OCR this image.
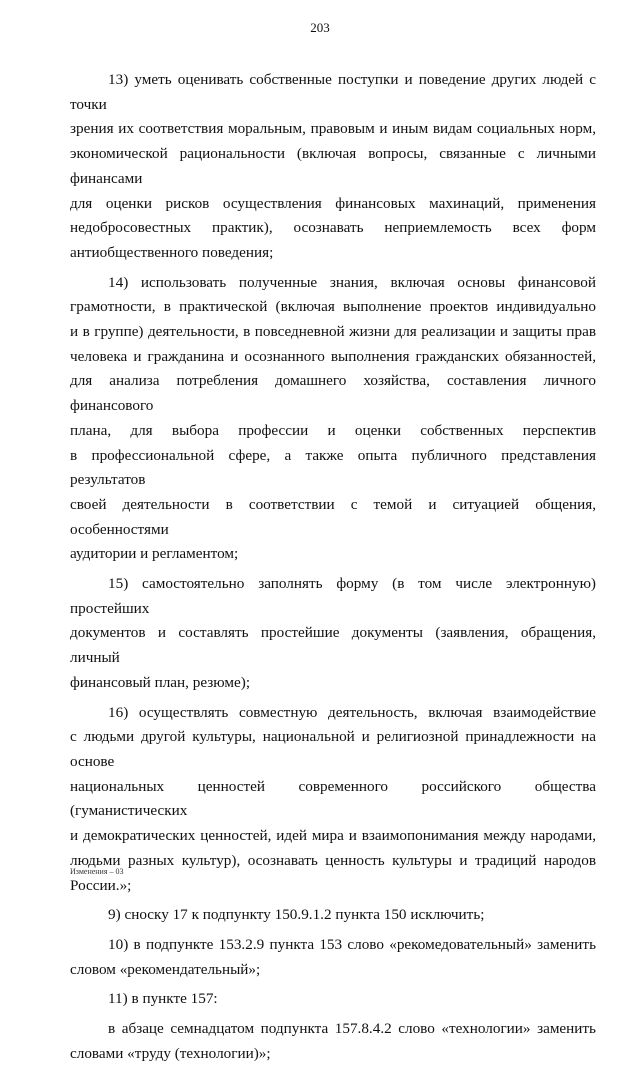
203

13) уметь оценивать собственные поступки и поведение других людей с точки
зрения их соответствия моральным, правовым и иным видам социальных норм,
экономической рациональности (включая вопросы, связанные с личными финансами
для оценки рисков осуществления финансовых махинаций, применения
недобросовестных практик), осознавать неприемлемость всех форм
антиобщественного поведения;

14) использовать полученные знания, включая основы финансовой
грамотности, в практической (включая выполнение проектов индивидуально
и в группе) деятельности, в повседневной жизни для реализации и защиты прав
человека и гражданина и осознанного выполнения гражданских обязанностей,
для анализа потребления домашнего хозяйства, составления личного финансового
плана, для выбора профессии и оценки собственных перспектив
в профессиональной сфере, а также опыта публичного представления результатов
своей деятельности в соответствии с темой и ситуацией общения, особенностями
аудитории и регламентом;

15) самостоятельно заполнять форму (в том числе электронную) простейших
документов и составлять простейшие документы (заявления, обращения, личный
финансовый план, резюме);

16) осуществлять совместную деятельность, включая взаимодействие
с людьми другой культуры, национальной и религиозной принадлежности на основе
национальных ценностей современного российского общества (гуманистических
и демократических ценностей, идей мира и взаимопонимания между народами,
людьми разных культур), осознавать ценность культуры и традиций народов
России.»;

9) сноску 17 к подпункту 150.9.1.2 пункта 150 исключить;

10) в подпункте 153.2.9 пункта 153 слово «рекомедовательный» заменить
словом «рекомендательный»;

11) в пункте 157:

в абзаце семнадцатом подпункта 157.8.4.2 слово «технологии» заменить
словами «труду (технологии)»;

Изменения – 03
